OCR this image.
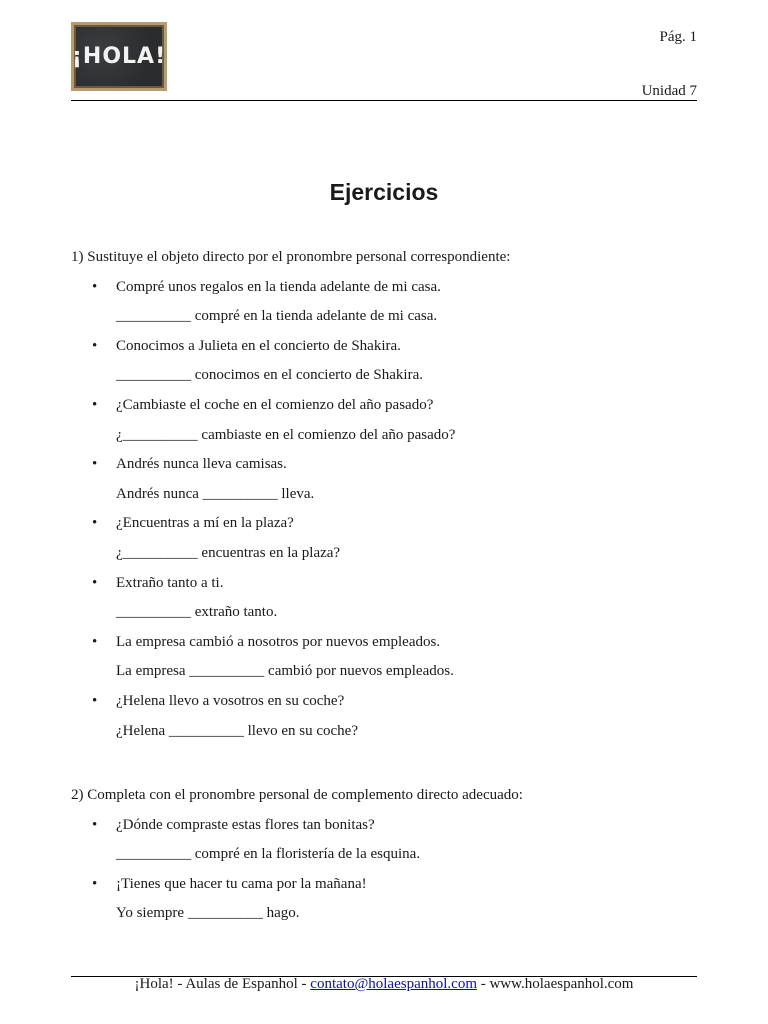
¡HOLA!
Pág. 1
Unidad 7
Ejercicios

1) Sustituye el objeto directo por el pronombre personal correspondiente:

• Compré unos regalos en la tienda adelante de mi casa.
__________ compré en la tienda adelante de mi casa.
• Conocimos a Julieta en el concierto de Shakira.
__________ conocimos en el concierto de Shakira.
• ¿Cambiaste el coche en el comienzo del año pasado?
¿__________ cambiaste en el comienzo del año pasado?
• Andrés nunca lleva camisas.
Andrés nunca __________ lleva.
• ¿Encuentras a mí en la plaza?
¿__________ encuentras en la plaza?
• Extraño tanto a ti.
__________ extraño tanto.
• La empresa cambió a nosotros por nuevos empleados.
La empresa __________ cambió por nuevos empleados.
• ¿Helena llevo a vosotros en su coche?
¿Helena __________ llevo en su coche?

2) Completa con el pronombre personal de complemento directo adecuado:

• ¿Dónde compraste estas flores tan bonitas?
__________ compré en la floristería de la esquina.
• ¡Tienes que hacer tu cama por la mañana!
Yo siempre __________ hago.
¡Hola! - Aulas de Espanhol - contato@holaespanhol.com - www.holaespanhol.com
